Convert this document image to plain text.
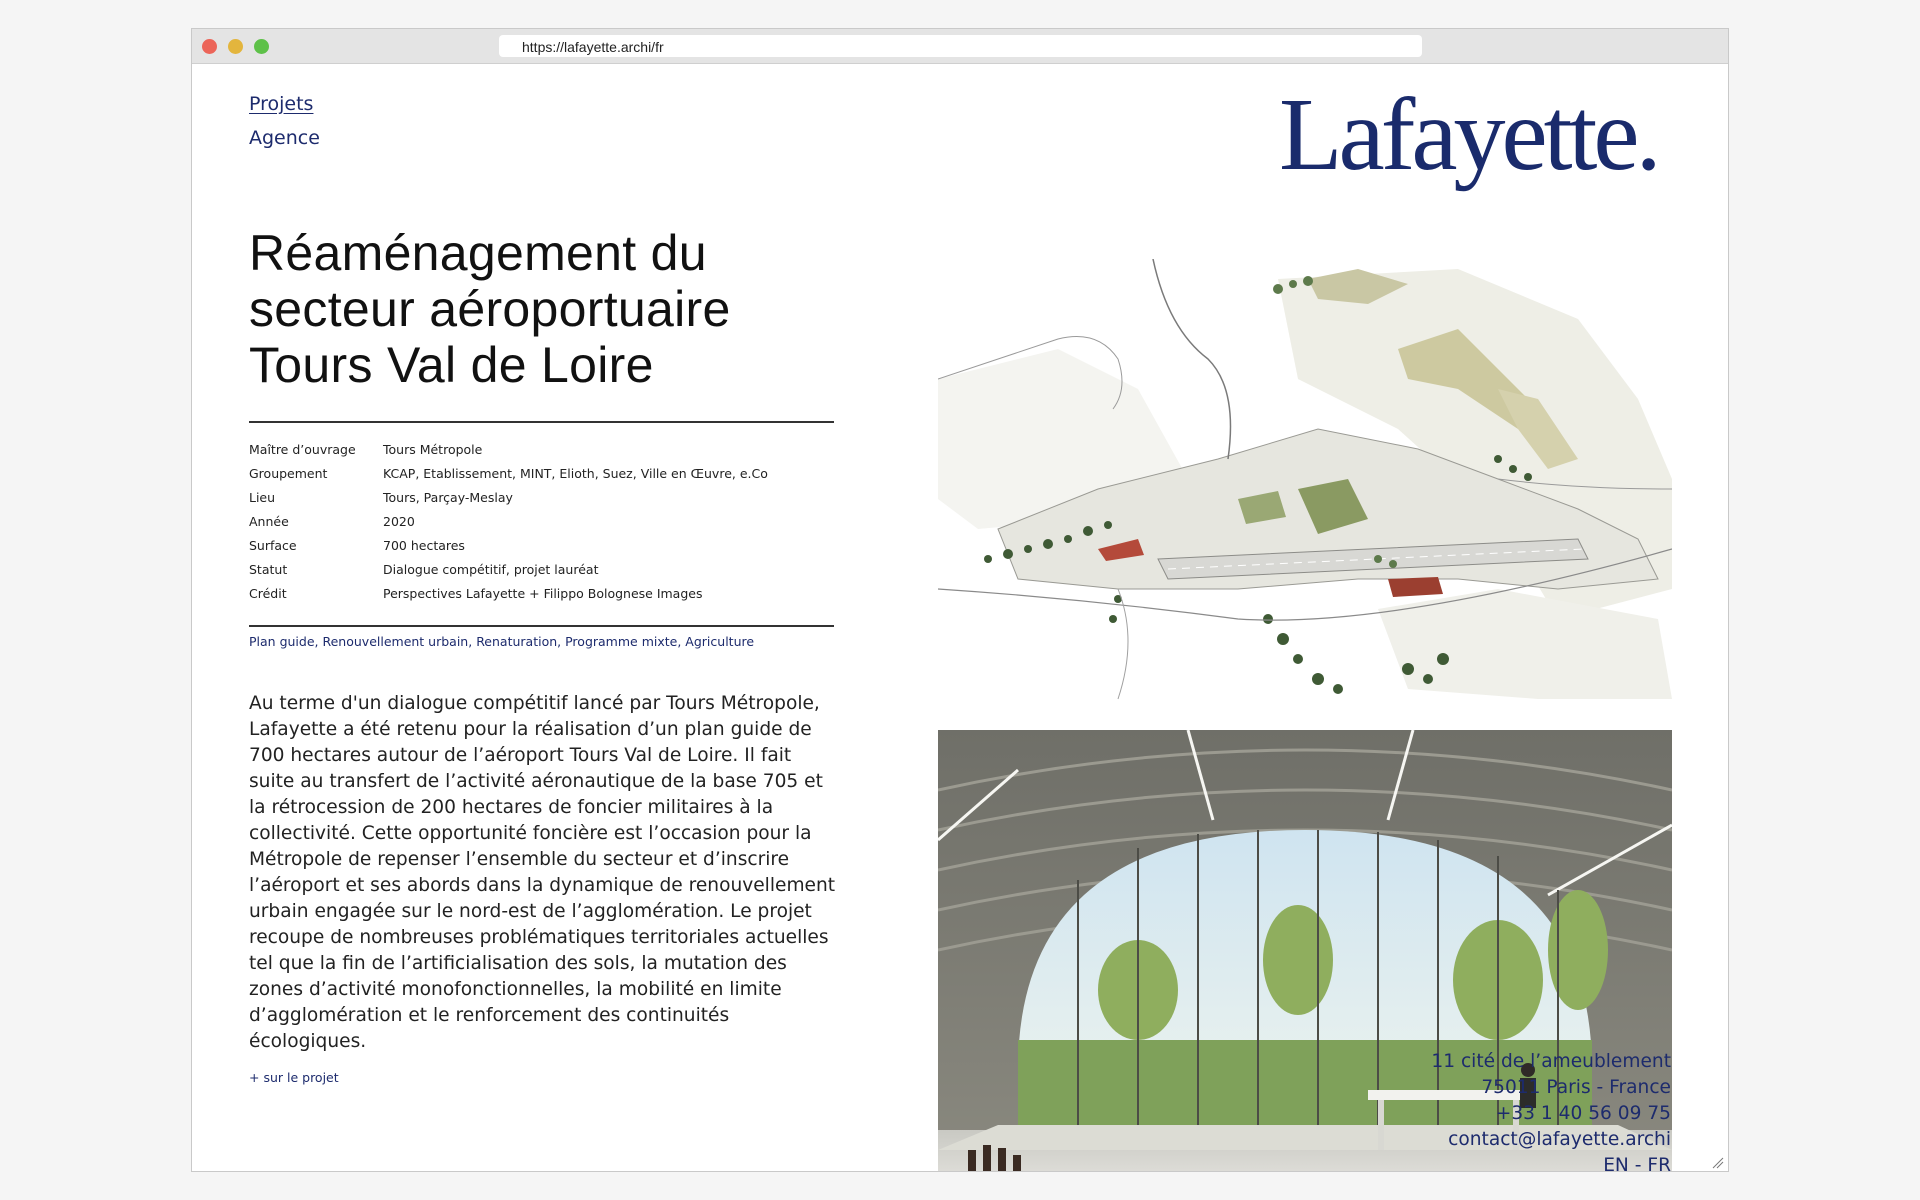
https://lafayette.archi/fr
Projets
Agence	Lafayette.
Réaménagement du
secteur aéroportuaire
Tours Val de Loire
Maître d’ouvrage	Tours Métropole
Groupement	KCAP, Etablissement, MINT, Elioth, Suez, Ville en Œuvre, e.Co
Lieu	Tours, Parçay-Meslay
Année	2020
Surface	700 hectares
Statut	Dialogue compétitif, projet lauréat
Crédit	Perspectives Lafayette + Filippo Bolognese Images
Plan guide, Renouvellement urbain, Renaturation, Programme mixte, Agriculture

Au terme d'un dialogue compétitif lancé par Tours Métropole, Lafayette a été retenu pour la réalisation d’un plan guide de 700 hectares autour de l’aéroport Tours Val de Loire. Il fait suite au transfert de l’activité aéronautique de la base 705 et la rétrocession de 200 hectares de foncier militaires à la collectivité. Cette opportunité foncière est l’occasion pour la Métropole de repenser l’ensemble du secteur et d’inscrire l’aéroport et ses abords dans la dynamique de renouvellement urbain engagée sur le nord-est de l’agglomération. Le projet recoupe de nombreuses problématiques territoriales actuelles tel que la fin de l’artificialisation des sols, la mutation des zones d’activité monofonctionnelles, la mobilité en limite d’agglomération et le renforcement des continuités écologiques.

+ sur le projet
11 cité de l’ameublement
75011 Paris - France
+33 1 40 56 09 75
contact@lafayette.archi
EN - FR
